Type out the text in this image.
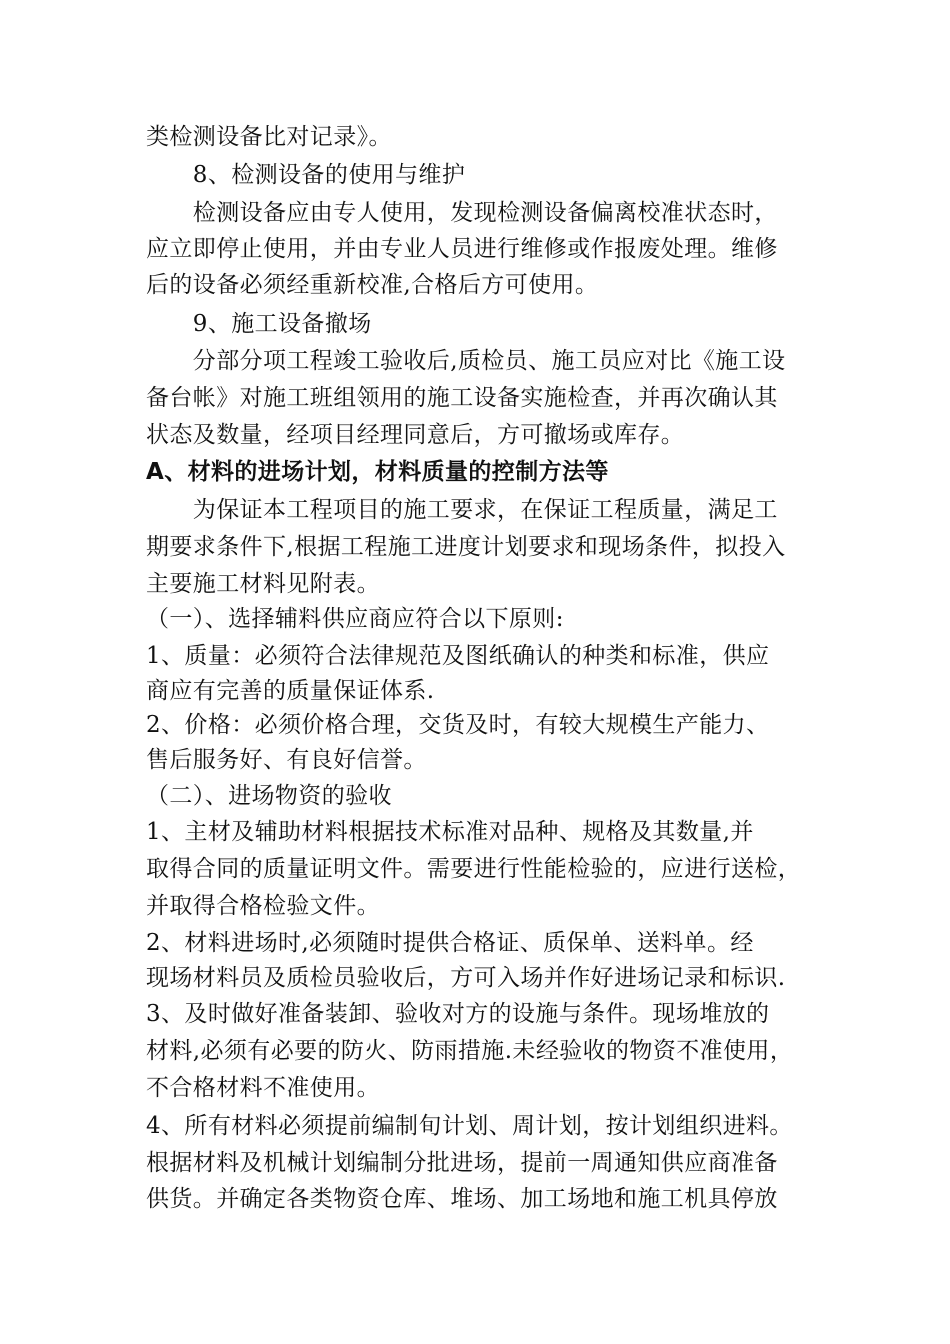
类检测设备比对记录》。
　　8、检测设备的使用与维护
　　检测设备应由专人使用，发现检测设备偏离校准状态时，
应立即停止使用，并由专业人员进行维修或作报废处理。维修
后的设备必须经重新校准,合格后方可使用。
　　9、施工设备撤场
　　分部分项工程竣工验收后,质检员、施工员应对比《施工设
备台帐》对施工班组领用的施工设备实施检查，并再次确认其
状态及数量，经项目经理同意后，方可撤场或库存。
A、材料的进场计划，材料质量的控制方法等
　　为保证本工程项目的施工要求，在保证工程质量，满足工
期要求条件下,根据工程施工进度计划要求和现场条件，拟投入
主要施工材料见附表。
（一）、选择辅料供应商应符合以下原则:
1、质量：必须符合法律规范及图纸确认的种类和标准，供应
商应有完善的质量保证体系.
2、价格：必须价格合理，交货及时，有较大规模生产能力、
售后服务好、有良好信誉。
（二）、进场物资的验收
1、主材及辅助材料根据技术标准对品种、规格及其数量,并
取得合同的质量证明文件。需要进行性能检验的，应进行送检，
并取得合格检验文件。
2、材料进场时,必须随时提供合格证、质保单、送料单。经
现场材料员及质检员验收后，方可入场并作好进场记录和标识.
3、及时做好准备装卸、验收对方的设施与条件。现场堆放的
材料,必须有必要的防火、防雨措施.未经验收的物资不准使用，
不合格材料不准使用。
4、所有材料必须提前编制旬计划、周计划，按计划组织进料。
根据材料及机械计划编制分批进场，提前一周通知供应商准备
供货。并确定各类物资仓库、堆场、加工场地和施工机具停放
